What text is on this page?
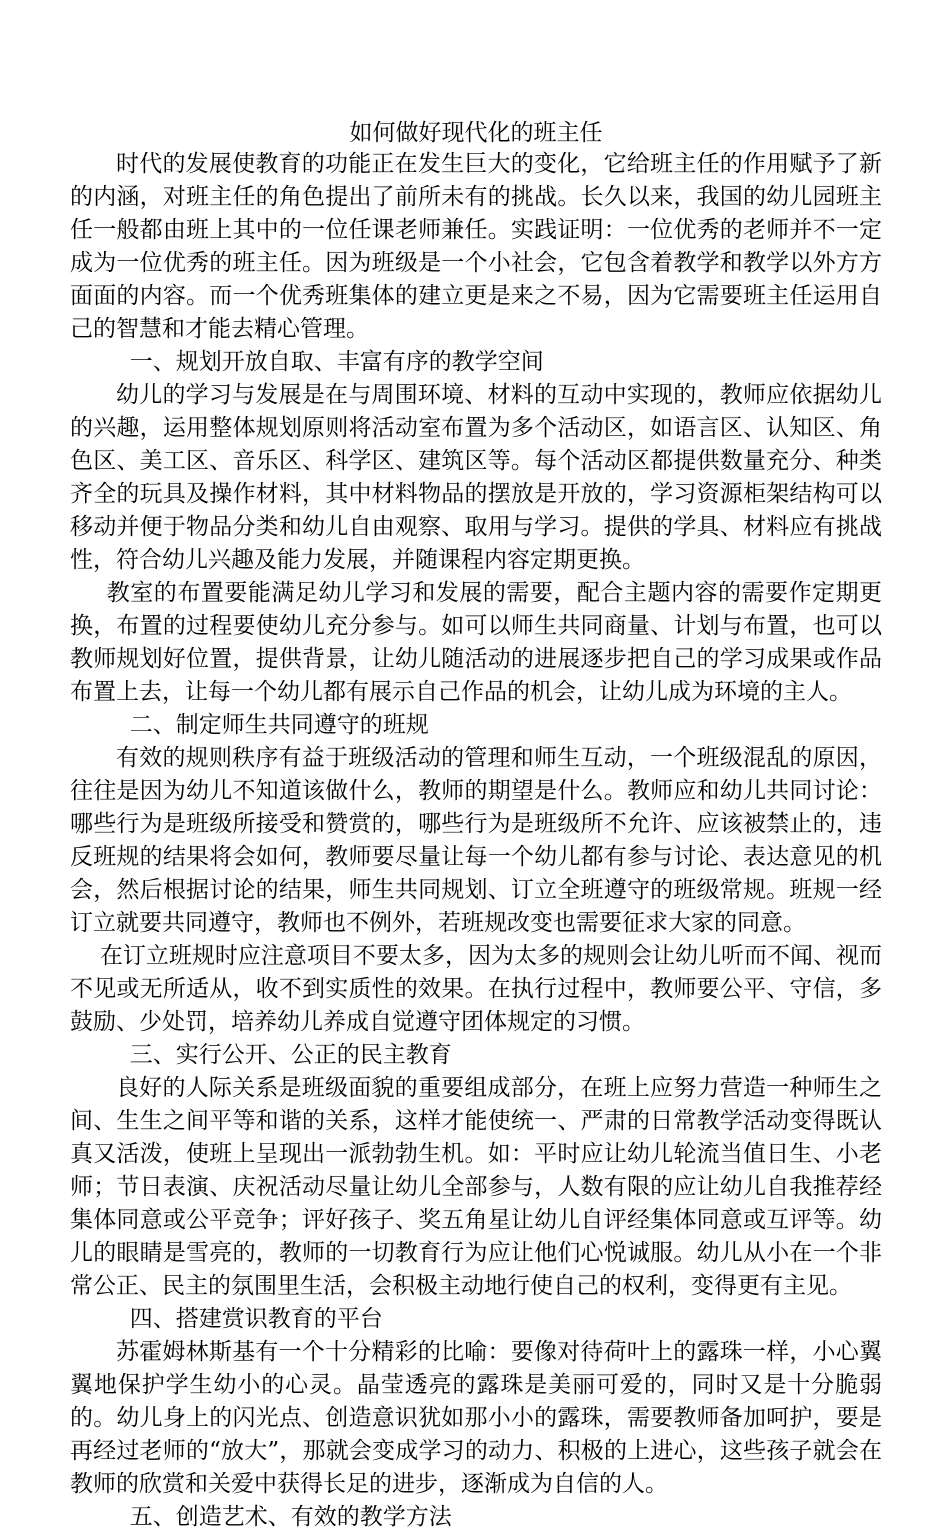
如何做好现代化的班主任

时代的发展使教育的功能正在发生巨大的变化，它给班主任的作用赋予了新的内涵，对班主任的角色提出了前所未有的挑战。长久以来，我国的幼儿园班主任一般都由班上其中的一位任课老师兼任。实践证明：一位优秀的老师并不一定成为一位优秀的班主任。因为班级是一个小社会，它包含着教学和教学以外方方面面的内容。而一个优秀班集体的建立更是来之不易，因为它需要班主任运用自己的智慧和才能去精心管理。

一、规划开放自取、丰富有序的教学空间

幼儿的学习与发展是在与周围环境、材料的互动中实现的，教师应依据幼儿的兴趣，运用整体规划原则将活动室布置为多个活动区，如语言区、认知区、角色区、美工区、音乐区、科学区、建筑区等。每个活动区都提供数量充分、种类齐全的玩具及操作材料，其中材料物品的摆放是开放的，学习资源柜架结构可以移动并便于物品分类和幼儿自由观察、取用与学习。提供的学具、材料应有挑战性，符合幼儿兴趣及能力发展，并随课程内容定期更换。

教室的布置要能满足幼儿学习和发展的需要，配合主题内容的需要作定期更换，布置的过程要使幼儿充分参与。如可以师生共同商量、计划与布置，也可以教师规划好位置，提供背景，让幼儿随活动的进展逐步把自己的学习成果或作品布置上去，让每一个幼儿都有展示自己作品的机会，让幼儿成为环境的主人。

二、制定师生共同遵守的班规

有效的规则秩序有益于班级活动的管理和师生互动，一个班级混乱的原因，往往是因为幼儿不知道该做什么，教师的期望是什么。教师应和幼儿共同讨论：哪些行为是班级所接受和赞赏的，哪些行为是班级所不允许、应该被禁止的，违反班规的结果将会如何，教师要尽量让每一个幼儿都有参与讨论、表达意见的机会，然后根据讨论的结果，师生共同规划、订立全班遵守的班级常规。班规一经订立就要共同遵守，教师也不例外，若班规改变也需要征求大家的同意。

在订立班规时应注意项目不要太多，因为太多的规则会让幼儿听而不闻、视而不见或无所适从，收不到实质性的效果。在执行过程中，教师要公平、守信，多鼓励、少处罚，培养幼儿养成自觉遵守团体规定的习惯。

三、实行公开、公正的民主教育

良好的人际关系是班级面貌的重要组成部分，在班上应努力营造一种师生之间、生生之间平等和谐的关系，这样才能使统一、严肃的日常教学活动变得既认真又活泼，使班上呈现出一派勃勃生机。如：平时应让幼儿轮流当值日生、小老师；节日表演、庆祝活动尽量让幼儿全部参与，人数有限的应让幼儿自我推荐经集体同意或公平竞争；评好孩子、奖五角星让幼儿自评经集体同意或互评等。幼儿的眼睛是雪亮的，教师的一切教育行为应让他们心悦诚服。幼儿从小在一个非常公正、民主的氛围里生活，会积极主动地行使自己的权利，变得更有主见。

四、搭建赏识教育的平台

苏霍姆林斯基有一个十分精彩的比喻：要像对待荷叶上的露珠一样，小心翼翼地保护学生幼小的心灵。晶莹透亮的露珠是美丽可爱的，同时又是十分脆弱的。幼儿身上的闪光点、创造意识犹如那小小的露珠，需要教师备加呵护，要是再经过老师的“放大”，那就会变成学习的动力、积极的上进心，这些孩子就会在教师的欣赏和关爱中获得长足的进步，逐渐成为自信的人。

五、创造艺术、有效的教学方法
